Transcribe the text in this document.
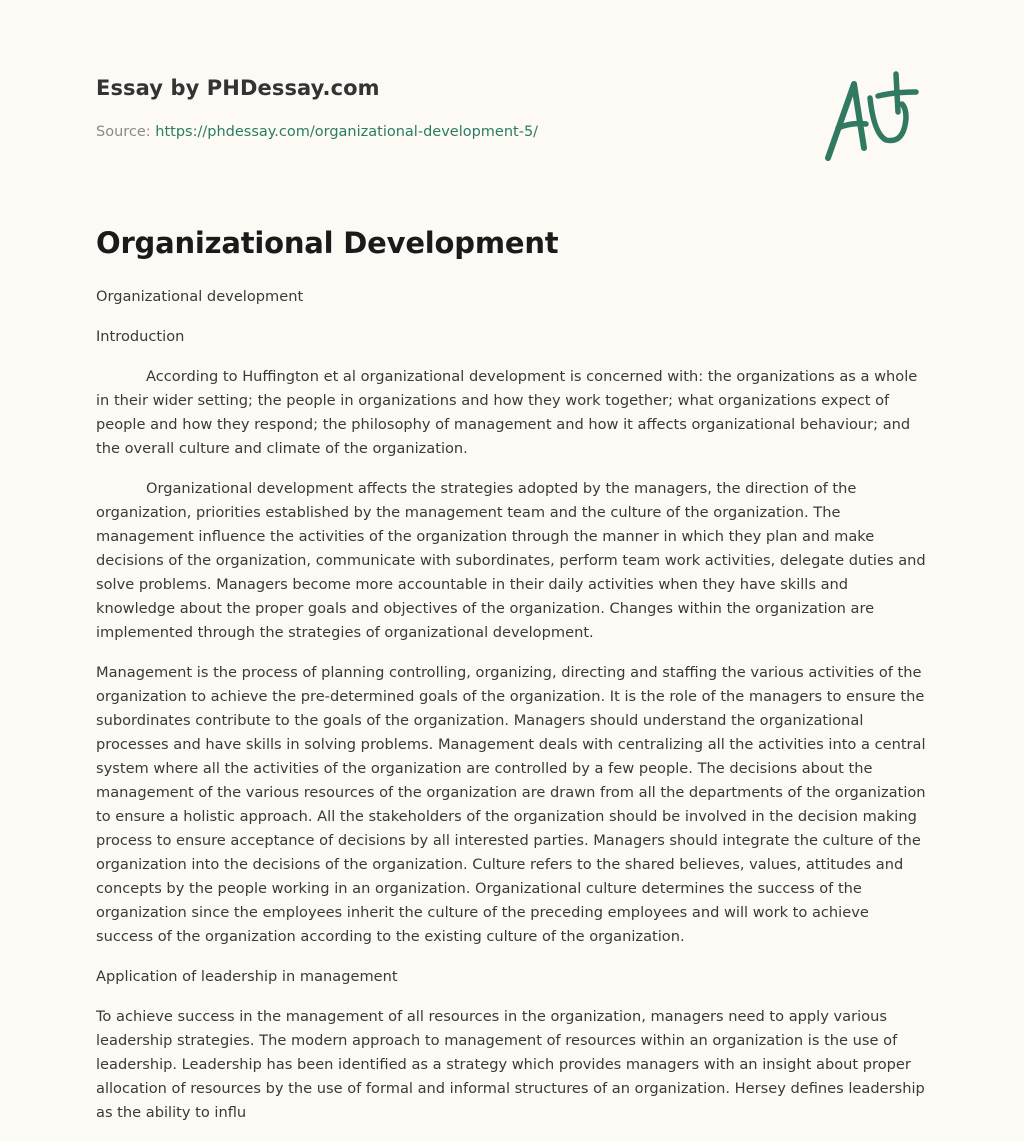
Essay by PHDessay.com
Source: https://phdessay.com/organizational-development-5/
Organizational Development

Organizational development

Introduction

According to Huffington et al organizational development is concerned with: the organizations as a whole in their wider setting; the people in organizations and how they work together; what organizations expect of people and how they respond; the philosophy of management and how it affects organizational behaviour; and the overall culture and climate of the organization.

Organizational development affects the strategies adopted by the managers, the direction of the organization, priorities established by the management team and the culture of the organization. The management influence the activities of the organization through the manner in which they plan and make decisions of the organization, communicate with subordinates, perform team work activities, delegate duties and solve problems. Managers become more accountable in their daily activities when they have skills and knowledge about the proper goals and objectives of the organization. Changes within the organization are implemented through the strategies of organizational development.

Management is the process of planning controlling, organizing, directing and staffing the various activities of the organization to achieve the pre-determined goals of the organization. It is the role of the managers to ensure the subordinates contribute to the goals of the organization. Managers should understand the organizational processes and have skills in solving problems. Management deals with centralizing all the activities into a central system where all the activities of the organization are controlled by a few people. The decisions about the management of the various resources of the organization are drawn from all the departments of the organization to ensure a holistic approach. All the stakeholders of the organization should be involved in the decision making process to ensure acceptance of decisions by all interested parties. Managers should integrate the culture of the organization into the decisions of the organization. Culture refers to the shared believes, values, attitudes and concepts by the people working in an organization. Organizational culture determines the success of the organization since the employees inherit the culture of the preceding employees and will work to achieve success of the organization according to the existing culture of the organization.

Application of leadership in management

To achieve success in the management of all resources in the organization, managers need to apply various leadership strategies. The modern approach to management of resources within an organization is the use of leadership. Leadership has been identified as a strategy which provides managers with an insight about proper allocation of resources by the use of formal and informal structures of an organization. Hersey defines leadership as the ability to influ
